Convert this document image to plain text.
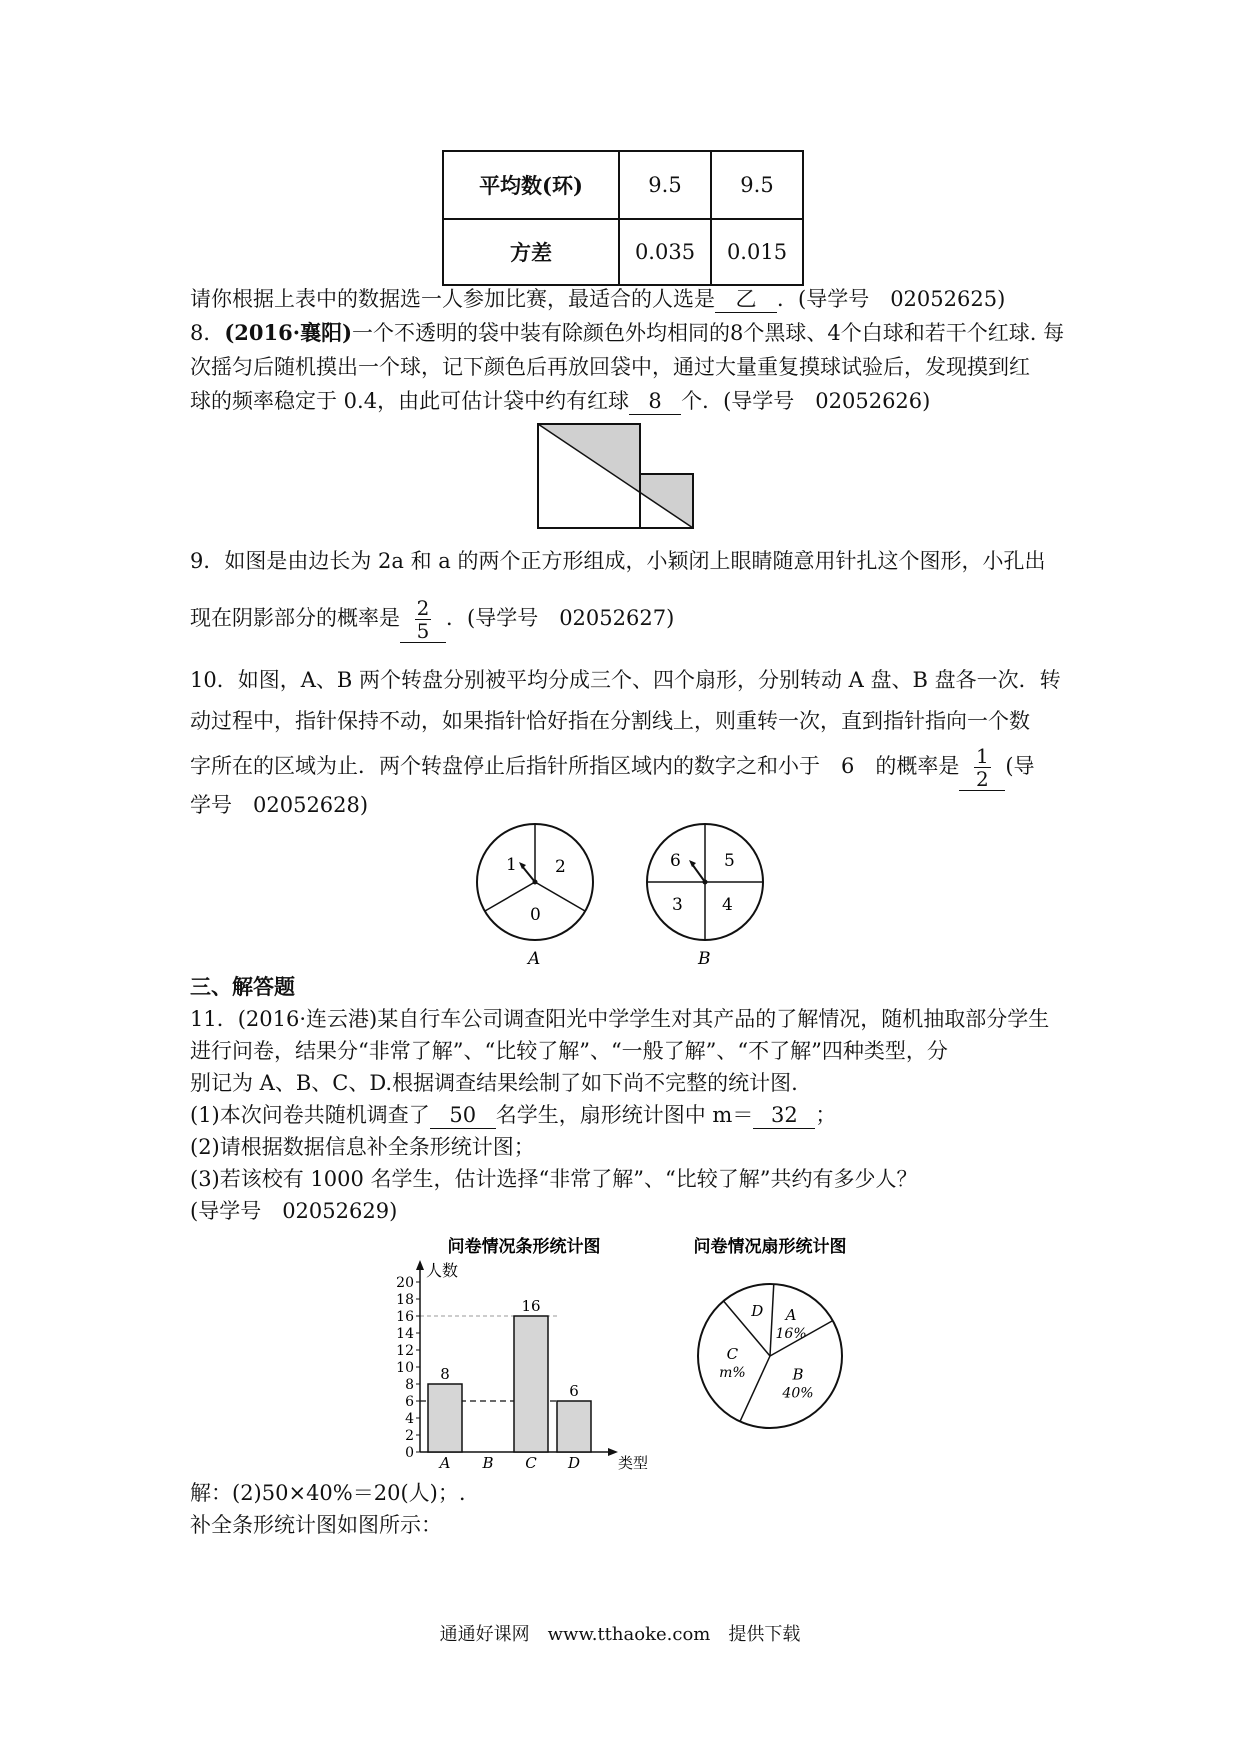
平均数(环)	9.5	9.5
方差	0.035	0.015
请你根据上表中的数据选一人参加比赛，最适合的人选是 乙 ．(导学号　02052625)
8．(2016·襄阳)一个不透明的袋中装有除颜色外均相同的8个黑球、4个白球和若干个红球. 每
次摇匀后随机摸出一个球，记下颜色后再放回袋中，通过大量重复摸球试验后，发现摸到红
球的频率稳定于 0.4，由此可估计袋中约有红球 8 个．(导学号　02052626)
9．如图是由边长为 2a 和 a 的两个正方形组成，小颖闭上眼睛随意用针扎这个图形，小孔出
现在阴影部分的概率是 $\frac{2}{5}$ ．(导学号　02052627)
10．如图，A、B 两个转盘分别被平均分成三个、四个扇形，分别转动 A 盘、B 盘各一次．转
动过程中，指针保持不动，如果指针恰好指在分割线上，则重转一次，直到指针指向一个数
字所在的区域为止．两个转盘停止后指针所指区域内的数字之和小于　6　的概率是 $\frac{1}{2}$ (导
学号　02052628)
1 2
0
A
6	5
3 4
B
三、解答题
11．(2016·连云港)某自行车公司调查阳光中学学生对其产品的了解情况，随机抽取部分学生
进行问卷，结果分“非常了解”、“比较了解”、“一般了解”、“不了解”四种类型，分
别记为 A、B、C、D.根据调查结果绘制了如下尚不完整的统计图.
(1)本次问卷共随机调查了 50 名学生，扇形统计图中 m＝ 32 ；
(2)请根据数据信息补全条形统计图；
(3)若该校有 1000 名学生，估计选择“非常了解”、“比较了解”共约有多少人？
(导学号　02052629)
问卷情况条形统计图
人数
类型
0
2
4
6
8
10
12
14
16
18
20
8
A B
16
C
6
D
问卷情况扇形统计图
A
16%
B
40%
C
m%
D
解：(2)50×40%＝20(人)；.
补全条形统计图如图所示：
通通好课网　www.tthaoke.com　提供下载
